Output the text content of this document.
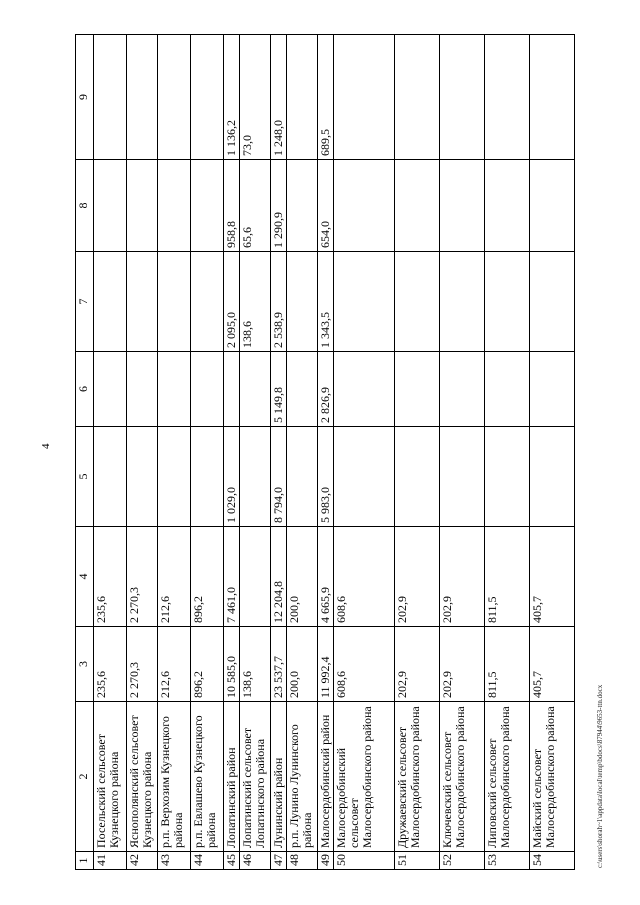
4
1	2	3	4	5	6	7	8	9
41	Посельский сельсовет Кузнецкого района	235,6	235,6					
42	Яснополянский сельсовет Кузнецкого района	2 270,3	2 270,3					
43	р.п. Верхозим Кузнецкого района	212,6	212,6					
44	р.п. Евлашево Кузнецкого района	896,2	896,2					
45	Лопатинский район	10 585,0	7 461,0	1 029,0		2 095,0	958,8	1 136,2
46	Лопатинский сельсовет Лопатинского района	138,6				138,6	65,6	73,0
47	Лунинский район	23 537,7	12 204,8	8 794,0	5 149,8	2 538,9	1 290,9	1 248,0
48	р.п. Лунино Лунинского района	200,0	200,0					
49	Малосердобинский район	11 992,4	4 665,9	5 983,0	2 826,9	1 343,5	654,0	689,5
50	Малосердобинский сельсовет Малосердобинского района	608,6	608,6					
51	Дружаевский сельсовет Малосердобинского района	202,9	202,9					
52	Ключевский сельсовет Малосердобинского района	202,9	202,9					
53	Липовский сельсовет Малосердобинского района	811,5	811,5					
54	Майский сельсовет Малосердобинского района	405,7	405,7					
c:\users\shorah~1\appdata\local\temp\bdocs\87944\9653-ttn.docx
